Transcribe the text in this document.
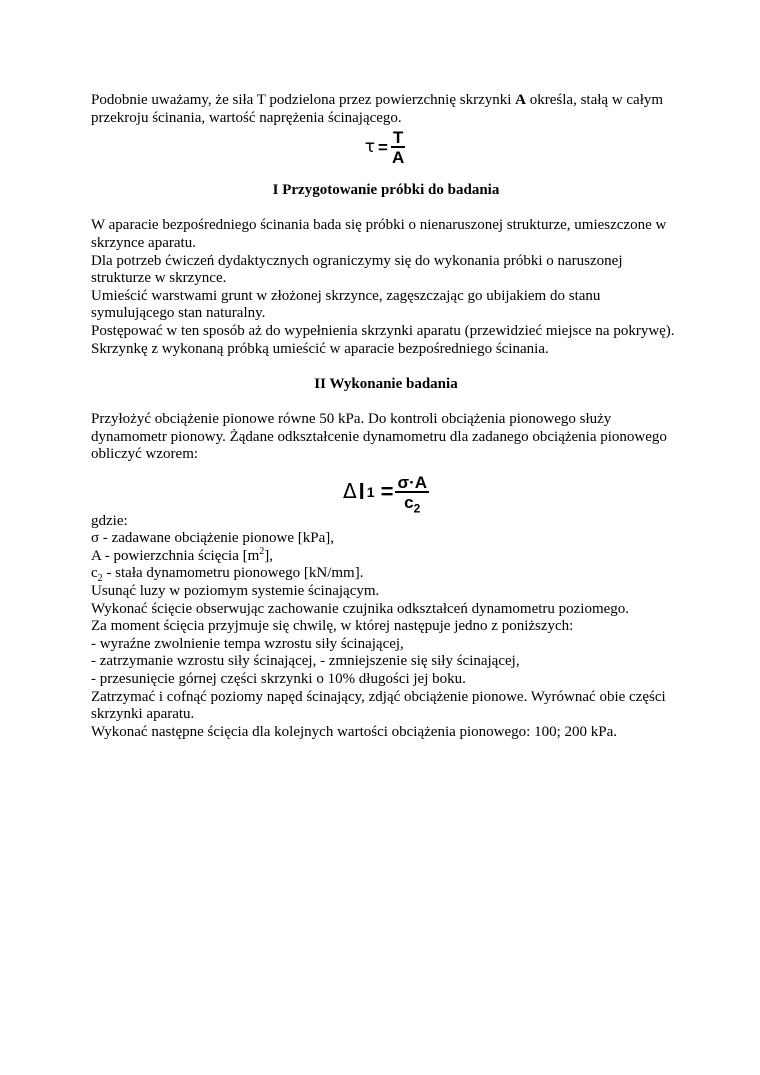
Podobnie uważamy, że siła T podzielona przez powierzchnię skrzynki A określa, stałą w całym przekroju ścinania, wartość naprężenia ścinającego.

$\tau = \frac{T}{A}$

I Przygotowanie próbki do badania

W aparacie bezpośredniego ścinania bada się próbki o nienaruszonej strukturze, umieszczone w skrzynce aparatu.

Dla potrzeb ćwiczeń dydaktycznych ograniczymy się do wykonania próbki o naruszonej strukturze w skrzynce.

Umieścić warstwami grunt w złożonej skrzynce, zagęszczając go ubijakiem do stanu symulującego stan naturalny.

Postępować w ten sposób aż do wypełnienia skrzynki aparatu (przewidzieć miejsce na pokrywę).

Skrzynkę z wykonaną próbką umieścić w aparacie bezpośredniego ścinania.

II Wykonanie badania

Przyłożyć obciążenie pionowe równe 50 kPa. Do kontroli obciążenia pionowego służy dynamometr pionowy. Żądane odkształcenie dynamometru dla zadanego obciążenia pionowego obliczyć wzorem:

Δ l $1 = \frac{\sigma\cdot A}{c_2}$

gdzie:

σ - zadawane obciążenie pionowe [kPa],

A - powierzchnia ścięcia $[m^2]$,

$c_2$ - stała dynamometru pionowego [kN/mm].

Usunąć luzy w poziomym systemie ścinającym.

Wykonać ścięcie obserwując zachowanie czujnika odkształceń dynamometru poziomego.

Za moment ścięcia przyjmuje się chwilę, w której następuje jedno z poniższych:

- wyraźne zwolnienie tempa wzrostu siły ścinającej,

- zatrzymanie wzrostu siły ścinającej, - zmniejszenie się siły ścinającej,

- przesunięcie górnej części skrzynki o 10% długości jej boku.

Zatrzymać i cofnąć poziomy napęd ścinający, zdjąć obciążenie pionowe. Wyrównać obie części skrzynki aparatu.

Wykonać następne ścięcia dla kolejnych wartości obciążenia pionowego: 100; 200 kPa.
